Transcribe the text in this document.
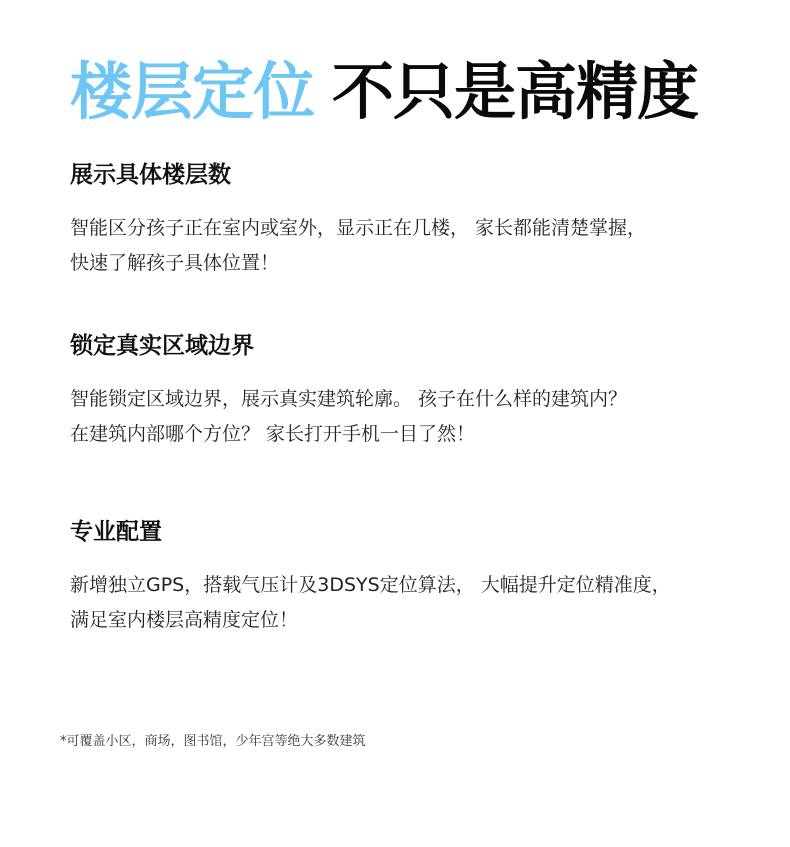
楼层定位 不只是高精度
展示具体楼层数

智能区分孩子正在室内或室外，显示正在几楼， 家长都能清楚掌握，
快速了解孩子具体位置！

锁定真实区域边界

智能锁定区域边界，展示真实建筑轮廓。 孩子在什么样的建筑内？
在建筑内部哪个方位？ 家长打开手机一目了然！

专业配置

新增独立GPS，搭载气压计及3DSYS定位算法， 大幅提升定位精准度，
满足室内楼层高精度定位！

*可覆盖小区，商场，图书馆，少年宫等绝大多数建筑
